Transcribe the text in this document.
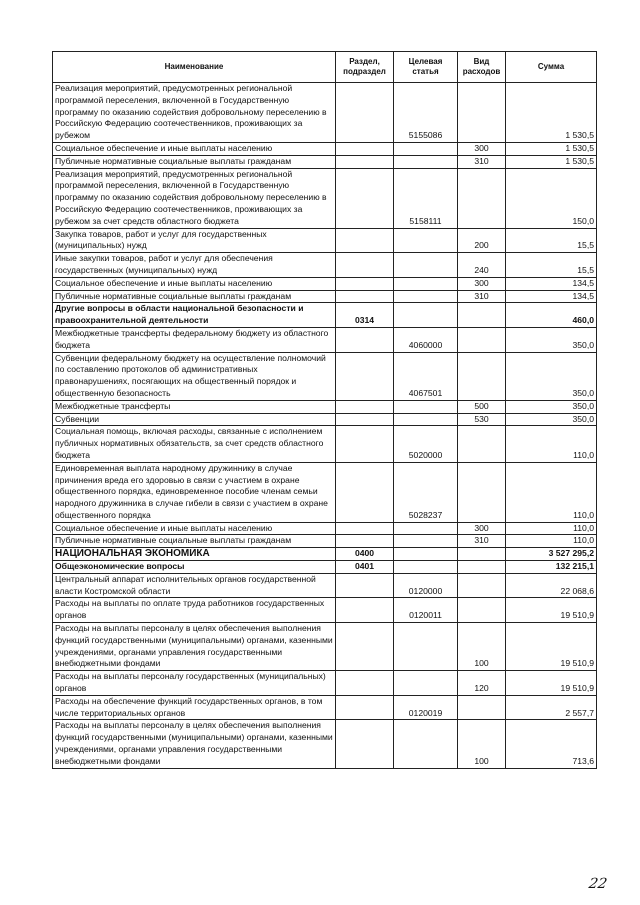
Наименование	Раздел, подраздел	Целевая статья	Вид расходов	Сумма
Реализация мероприятий, предусмотренных региональной программой переселения, включенной в Государственную программу по оказанию содействия добровольному переселению в Российскую Федерацию соотечественников, проживающих за рубежом		5155086		1 530,5
Социальное обеспечение и иные выплаты населению			300	1 530,5
Публичные нормативные социальные выплаты гражданам			310	1 530,5
Реализация мероприятий, предусмотренных региональной программой переселения, включенной в Государственную программу по оказанию содействия добровольному переселению в Российскую Федерацию соотечественников, проживающих за рубежом за счет средств областного бюджета		5158111		150,0
Закупка товаров, работ и услуг для государственных (муниципальных) нужд			200	15,5
Иные закупки товаров, работ и услуг для обеспечения государственных (муниципальных) нужд			240	15,5
Социальное обеспечение и иные выплаты населению			300	134,5
Публичные нормативные социальные выплаты гражданам			310	134,5
Другие вопросы в области национальной безопасности и правоохранительной деятельности	0314			460,0
Межбюджетные трансферты федеральному бюджету из областного бюджета		4060000		350,0
Субвенции федеральному бюджету на осуществление полномочий по составлению протоколов об административных правонарушениях, посягающих на общественный порядок и общественную безопасность		4067501		350,0
Межбюджетные трансферты			500	350,0
Субвенции			530	350,0
Социальная помощь, включая расходы, связанные с исполнением публичных нормативных обязательств, за счет средств областного бюджета		5020000		110,0
Единовременная выплата народному дружиннику в случае причинения вреда его здоровью в связи с участием в охране общественного порядка, единовременное пособие членам семьи народного дружинника в случае гибели в связи с участием в охране общественного порядка		5028237		110,0
Социальное обеспечение и иные выплаты населению			300	110,0
Публичные нормативные социальные выплаты гражданам			310	110,0
НАЦИОНАЛЬНАЯ ЭКОНОМИКА	0400			3 527 295,2
Общеэкономические вопросы	0401			132 215,1
Центральный аппарат исполнительных органов государственной власти Костромской области		0120000		22 068,6
Расходы на выплаты по оплате труда работников государственных органов		0120011		19 510,9
Расходы на выплаты персоналу в целях обеспечения выполнения функций государственными (муниципальными) органами, казенными учреждениями, органами управления государственными внебюджетными фондами			100	19 510,9
Расходы на выплаты персоналу государственных (муниципальных) органов			120	19 510,9
Расходы на обеспечение функций государственных органов, в том числе территориальных органов		0120019		2 557,7
Расходы на выплаты персоналу в целях обеспечения выполнения функций государственными (муниципальными) органами, казенными учреждениями, органами управления государственными внебюджетными фондами			100	713,6
22
